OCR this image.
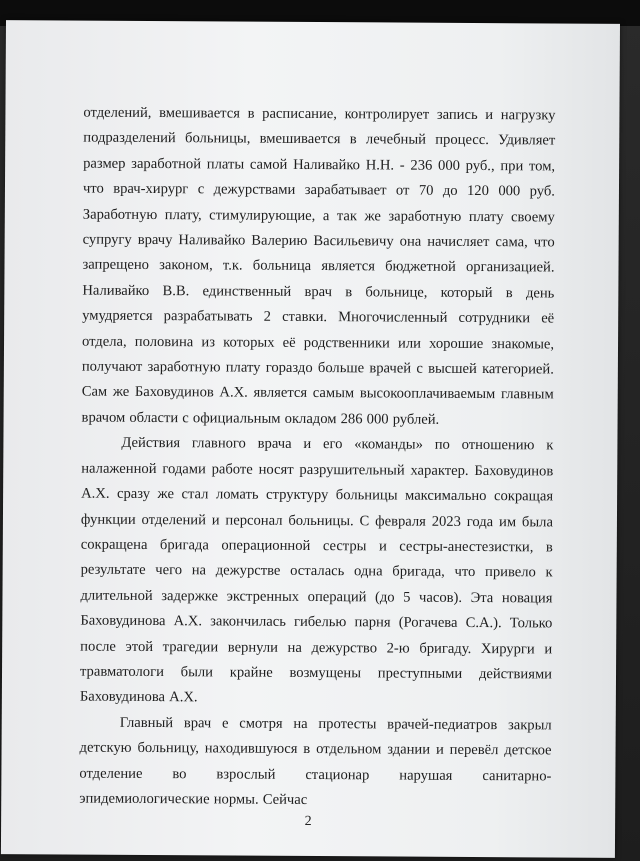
отделений, вмешивается в расписание, контролирует запись и нагрузку подразделений больницы, вмешивается в лечебный процесс. Удивляет размер заработной платы самой Наливайко Н.Н. - 236 000 руб., при том, что врач-хирург с дежурствами зарабатывает от 70 до 120 000 руб. Заработную плату, стимулирующие, а так же заработную плату своему супругу врачу Наливайко Валерию Васильевичу она начисляет сама, что запрещено законом, т.к. больница является бюджетной организацией. Наливайко В.В. единственный врач в больнице, который в день умудряется разрабатывать 2 ставки. Многочисленный сотрудники её отдела, половина из которых её родственники или хорошие знакомые, получают заработную плату гораздо больше врачей с высшей категорией. Сам же Баховудинов А.Х. является самым высокооплачиваемым главным врачом области с официальным окладом 286 000 рублей.

Действия главного врача и его «команды» по отношению к налаженной годами работе носят разрушительный характер. Баховудинов А.Х. сразу же стал ломать структуру больницы максимально сокращая функции отделений и персонал больницы. С февраля 2023 года им была сокращена бригада операционной сестры и сестры-анестезистки, в результате чего на дежурстве осталась одна бригада, что привело к длительной задержке экстренных операций (до 5 часов). Эта новация Баховудинова А.Х. закончилась гибелью парня (Рогачева С.А.). Только после этой трагедии вернули на дежурство 2-ю бригаду. Хирурги и травматологи были крайне возмущены преступными действиями Баховудинова А.Х.

Главный врач е смотря на протесты врачей-педиатров закрыл детскую больницу, находившуюся в отдельном здании и перевёл детское отделение во взрослый стационар нарушая санитарно-эпидемиологические нормы. Сейчас

2
